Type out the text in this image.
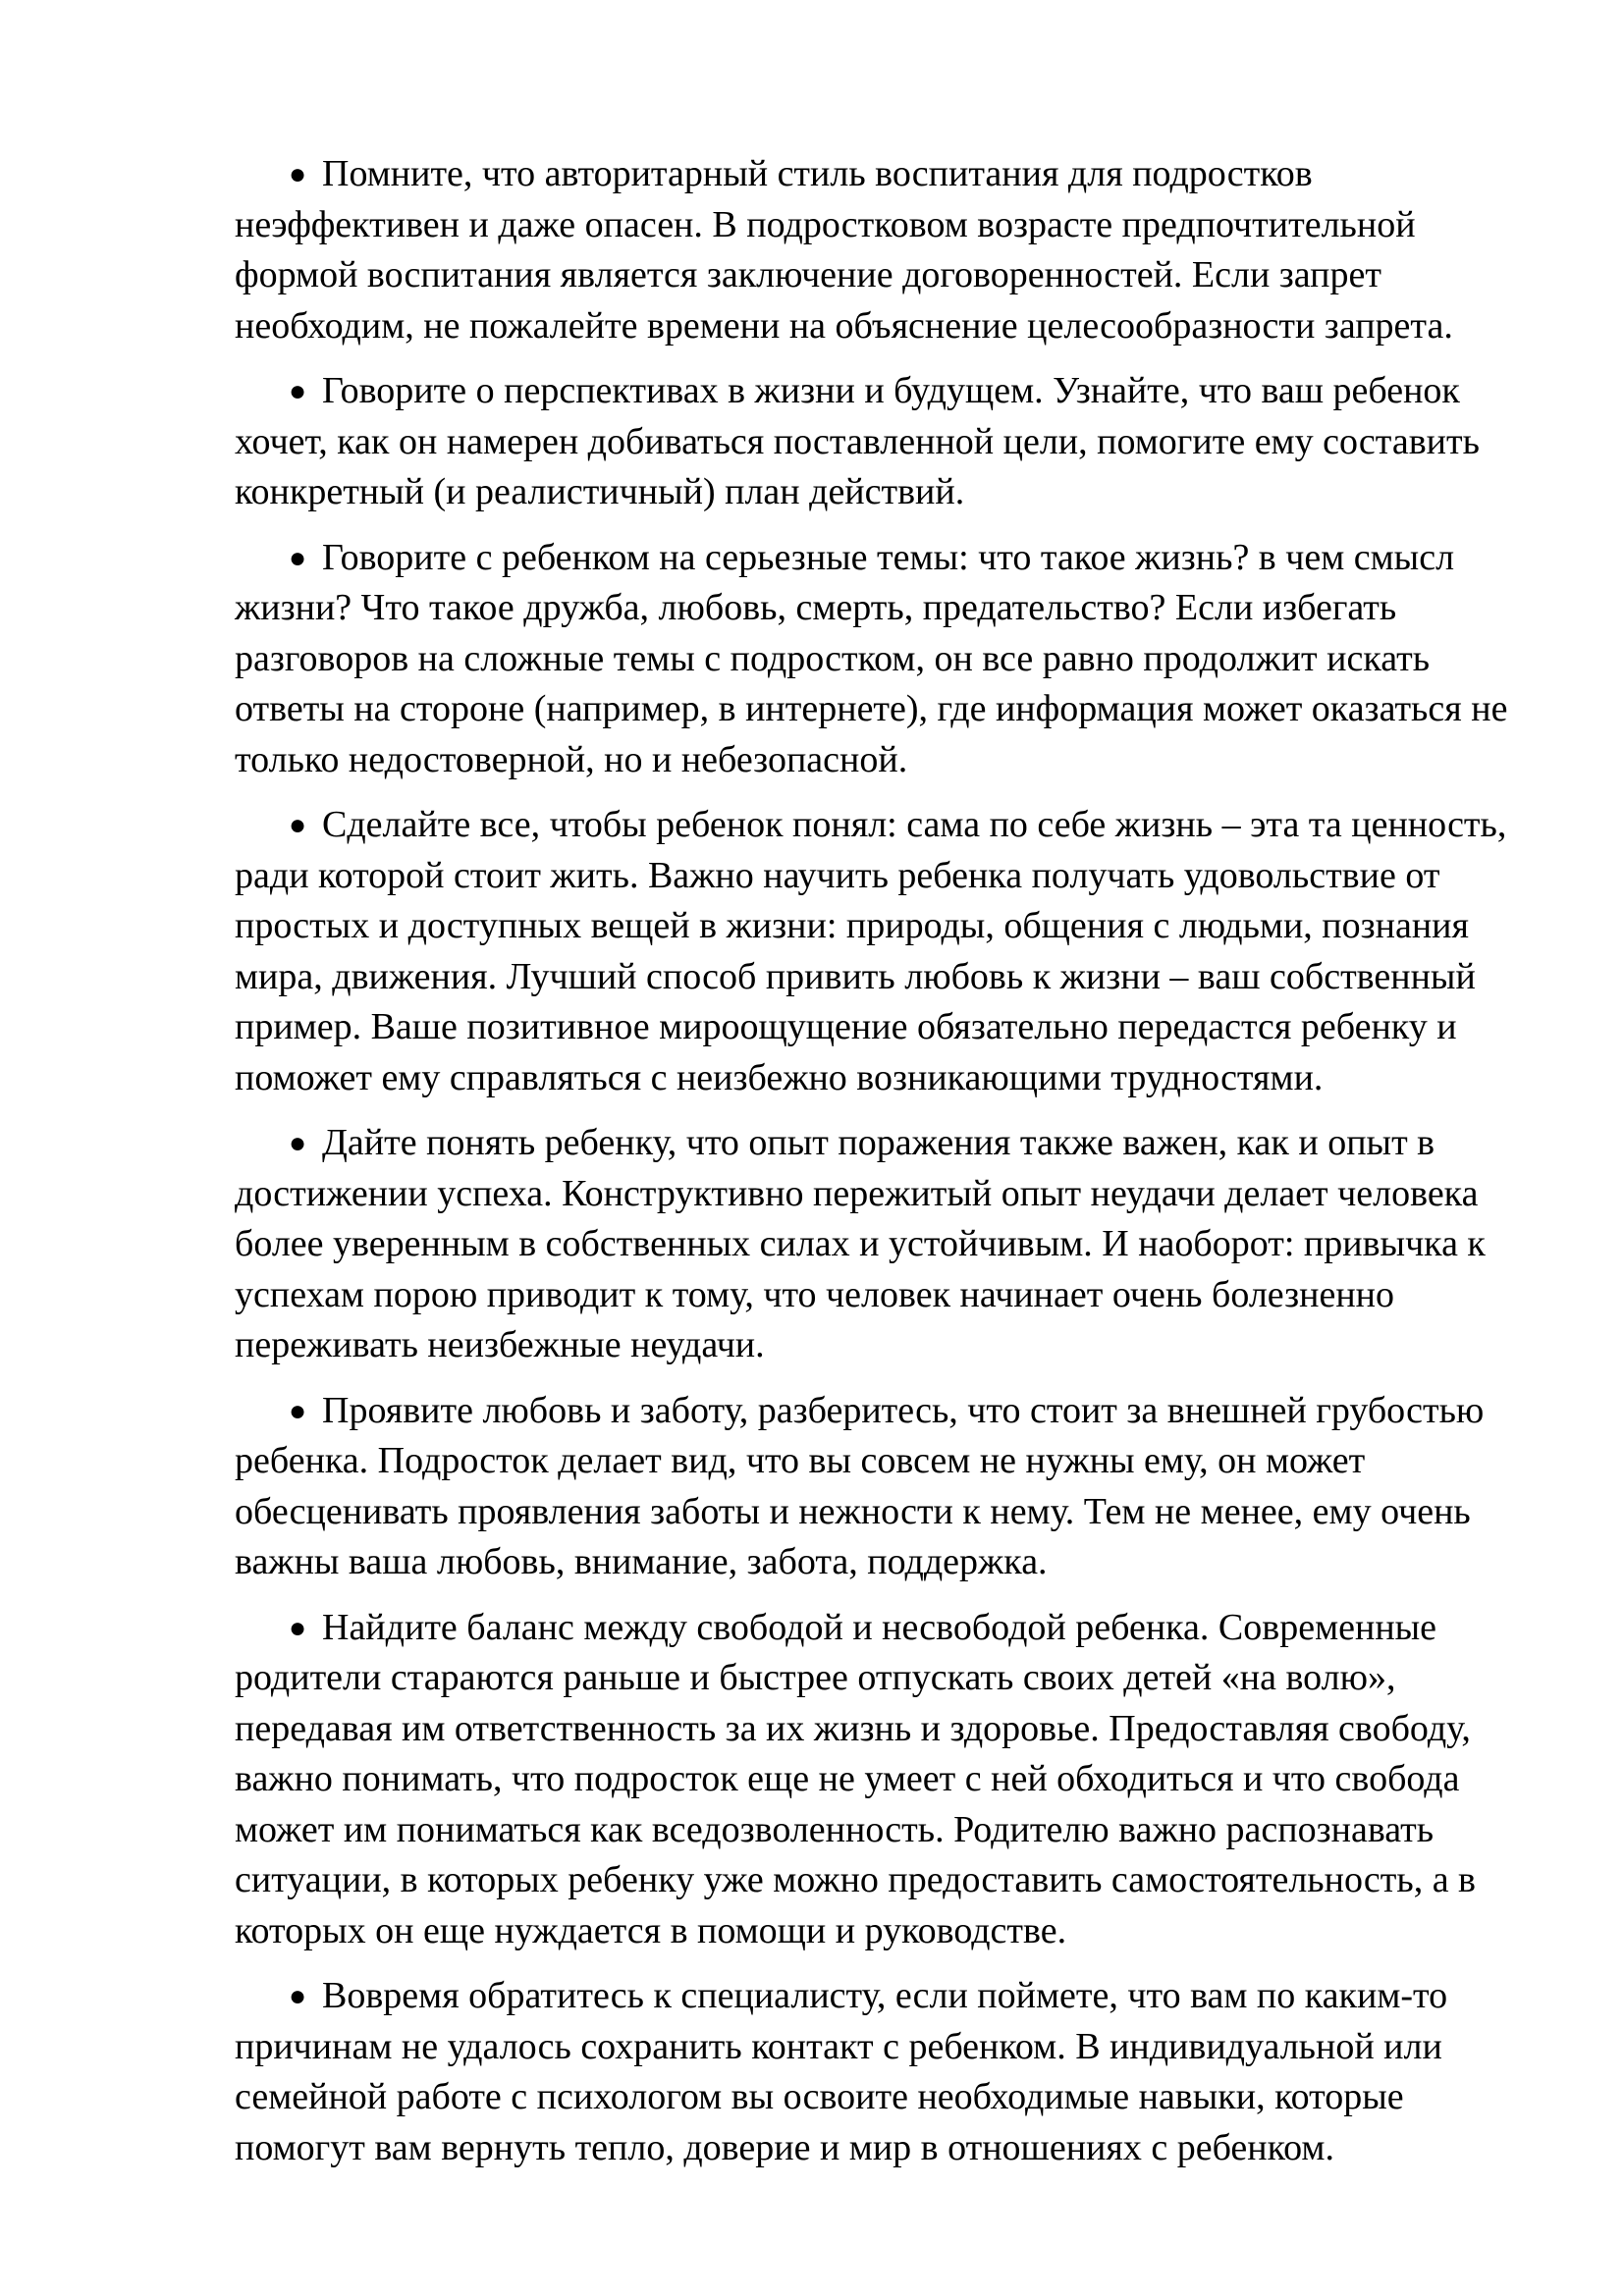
● Помните, что авторитарный стиль воспитания для подростков неэффективен и даже опасен. В подростковом возрасте предпочтительной формой воспитания является заключение договоренностей. Если запрет необходим, не пожалейте времени на объяснение целесообразности запрета.
● Говорите о перспективах в жизни и будущем. Узнайте, что ваш ребенок хочет, как он намерен добиваться поставленной цели, помогите ему составить конкретный (и реалистичный) план действий.
● Говорите с ребенком на серьезные темы: что такое жизнь? в чем смысл жизни? Что такое дружба, любовь, смерть, предательство? Если избегать разговоров на сложные темы с подростком, он все равно продолжит искать ответы на стороне (например, в интернете), где информация может оказаться не только недостоверной, но и небезопасной.
● Сделайте все, чтобы ребенок понял: сама по себе жизнь – эта та ценность, ради которой стоит жить. Важно научить ребенка получать удовольствие от простых и доступных вещей в жизни: природы, общения с людьми, познания мира, движения. Лучший способ привить любовь к жизни – ваш собственный пример. Ваше позитивное мироощущение обязательно передастся ребенку и поможет ему справляться с неизбежно возникающими трудностями.
● Дайте понять ребенку, что опыт поражения также важен, как и опыт в достижении успеха. Конструктивно пережитый опыт неудачи делает человека более уверенным в собственных силах и устойчивым. И наоборот: привычка к успехам порою приводит к тому, что человек начинает очень болезненно переживать неизбежные неудачи.
● Проявите любовь и заботу, разберитесь, что стоит за внешней грубостью ребенка. Подросток делает вид, что вы совсем не нужны ему, он может обесценивать проявления заботы и нежности к нему. Тем не менее, ему очень важны ваша любовь, внимание, забота, поддержка.
● Найдите баланс между свободой и несвободой ребенка. Современные родители стараются раньше и быстрее отпускать своих детей «на волю», передавая им ответственность за их жизнь и здоровье. Предоставляя свободу, важно понимать, что подросток еще не умеет с ней обходиться и что свобода может им пониматься как вседозволенность. Родителю важно распознавать ситуации, в которых ребенку уже можно предоставить самостоятельность, а в которых он еще нуждается в помощи и руководстве.
● Вовремя обратитесь к специалисту, если поймете, что вам по каким-то причинам не удалось сохранить контакт с ребенком. В индивидуальной или семейной работе с психологом вы освоите необходимые навыки, которые помогут вам вернуть тепло, доверие и мир в отношениях с ребенком.
